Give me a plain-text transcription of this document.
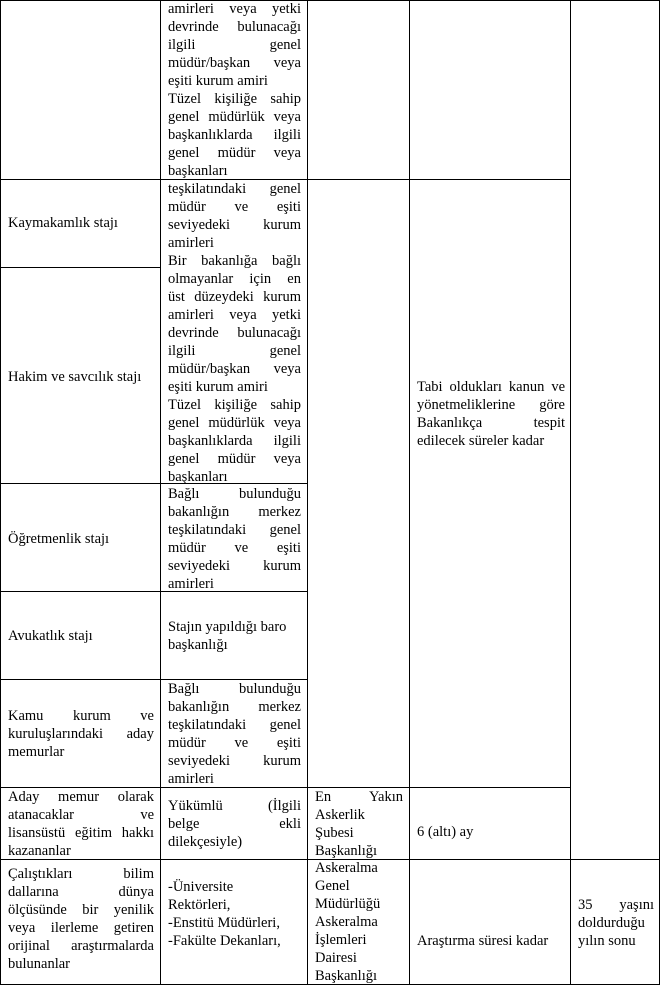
amirleri veya yetki
devrinde bulunacağı
ilgili genel
müdür/başkan veya
eşiti kurum amiri
Tüzel kişiliğe sahip
genel müdürlük veya
başkanlıklarda ilgili
genel müdür veya
başkanları
Kaymakamlık stajı
teşkilatındaki genel
müdür ve eşiti
seviyedeki kurum
amirleri
Hakim ve savcılık stajı
Bir bakanlığa bağlı
olmayanlar için en
üst düzeydeki kurum
amirleri veya yetki
devrinde bulunacağı
ilgili genel
müdür/başkan veya
eşiti kurum amiri
Tüzel kişiliğe sahip
genel müdürlük veya
başkanlıklarda ilgili
genel müdür veya
başkanları
Tabi oldukları kanun ve
yönetmeliklerine göre
Bakanlıkça tespit
edilecek süreler kadar
Öğretmenlik stajı
Bağlı bulunduğu
bakanlığın merkez
teşkilatındaki genel
müdür ve eşiti
seviyedeki kurum
amirleri
Avukatlık stajı
Stajın yapıldığı baro
başkanlığı
Kamu kurum ve
kuruluşlarındaki aday
memurlar
Bağlı bulunduğu
bakanlığın merkez
teşkilatındaki genel
müdür ve eşiti
seviyedeki kurum
amirleri
Aday memur olarak
atanacaklar ve
lisansüstü eğitim hakkı
kazananlar
Yükümlü (İlgili
belge ekli
dilekçesiyle)
En Yakın
Askerlik
Şubesi
Başkanlığı
6 (altı) ay
Çalıştıkları bilim
dallarına dünya
ölçüsünde bir yenilik
veya ilerleme getiren
orijinal araştırmalarda
bulunanlar
-Üniversite
Rektörleri,
-Enstitü Müdürleri,
-Fakülte Dekanları,
Askeralma
Genel
Müdürlüğü
Askeralma
İşlemleri
Dairesi
Başkanlığı
Araştırma süresi kadar
35 yaşını
doldurduğu
yılın sonu
